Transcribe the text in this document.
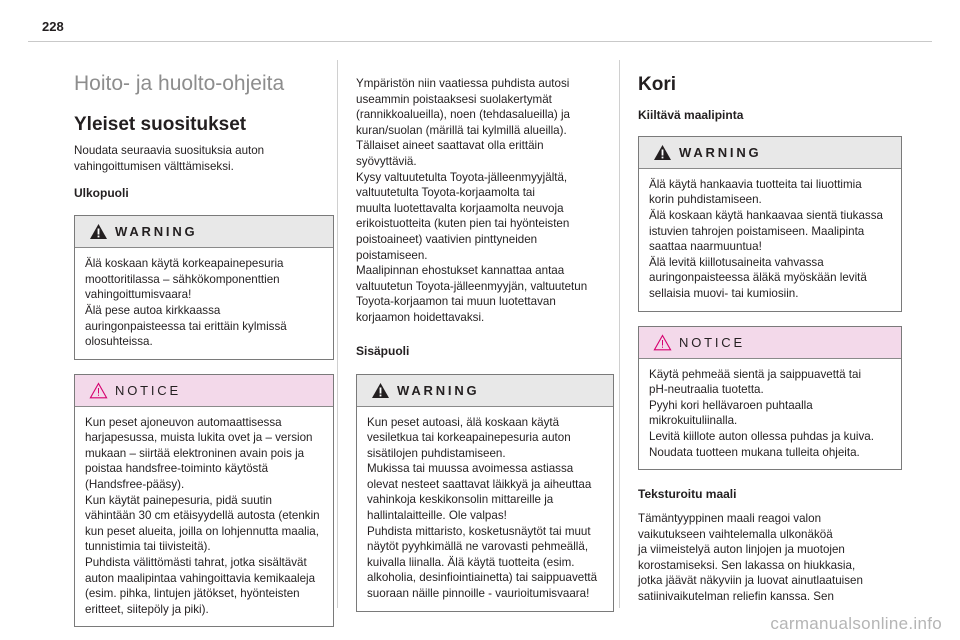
228
Hoito- ja huolto-ohjeita
Yleiset suositukset

Noudata seuraavia suosituksia auton
vahingoittumisen välttämiseksi.

Ulkopuoli
WARNING

Älä koskaan käytä korkeapainepesuria
moottoritilassa – sähkökomponenttien
vahingoittumisvaara!
Älä pese autoa kirkkaassa
auringonpaisteessa tai erittäin kylmissä
olosuhteissa.

NOTICE

Kun peset ajoneuvon automaattisessa
harjapesussa, muista lukita ovet ja – version
mukaan – siirtää elektroninen avain pois ja
poistaa handsfree-toiminto käytöstä
(Handsfree-pääsy).
Kun käytät painepesuria, pidä suutin
vähintään 30 cm etäisyydellä autosta (etenkin
kun peset alueita, joilla on lohjennutta maalia,
tunnistimia tai tiivisteitä).
Puhdista välittömästi tahrat, jotka sisältävät
auton maalipintaa vahingoittavia kemikaaleja
(esim. pihka, lintujen jätökset, hyönteisten
eritteet, siitepöly ja piki).

Ympäristön niin vaatiessa puhdista autosi
useammin poistaaksesi suolakertymät
(rannikkoalueilla), noen (tehdasalueilla) ja
kuran/suolan (märillä tai kylmillä alueilla).
Tällaiset aineet saattavat olla erittäin
syövyttäviä.
Kysy valtuutetulta Toyota-jälleenmyyjältä,
valtuutetulta Toyota-korjaamolta tai
muulta luotettavalta korjaamolta neuvoja
erikoistuotteita (kuten pien tai hyönteisten
poistoaineet) vaativien pinttyneiden
poistamiseen.
Maalipinnan ehostukset kannattaa antaa
valtuutetun Toyota-jälleenmyyjän, valtuutetun
Toyota-korjaamon tai muun luotettavan
korjaamon hoidettavaksi.

Sisäpuoli
WARNING

Kun peset autoasi, älä koskaan käytä
vesiletkua tai korkeapainepesuria auton
sisätilojen puhdistamiseen.
Mukissa tai muussa avoimessa astiassa
olevat nesteet saattavat läikkyä ja aiheuttaa
vahinkoja keskikonsolin mittareille ja
hallintalaitteille. Ole valpas!
Puhdista mittaristo, kosketusnäytöt tai muut
näytöt pyyhkimällä ne varovasti pehmeällä,
kuivalla liinalla. Älä käytä tuotteita (esim.
alkoholia, desinfiointiainetta) tai saippuavettä
suoraan näille pinnoille - vaurioitumisvaara!

Kori
Kiiltävä maalipinta
WARNING

Älä käytä hankaavia tuotteita tai liuottimia
korin puhdistamiseen.
Älä koskaan käytä hankaavaa sientä tiukassa
istuvien tahrojen poistamiseen. Maalipinta
saattaa naarmuuntua!
Älä levitä kiillotusaineita vahvassa
auringonpaisteessa äläkä myöskään levitä
sellaisia muovi- tai kumiosiin.

NOTICE

Käytä pehmeää sientä ja saippuavettä tai
pH-neutraalia tuotetta.
Pyyhi kori hellävaroen puhtaalla
mikrokuituliinalla.
Levitä kiillote auton ollessa puhdas ja kuiva.
Noudata tuotteen mukana tulleita ohjeita.

Teksturoitu maali

Tämäntyyppinen maali reagoi valon
vaikutukseen vaihtelemalla ulkonäköä
ja viimeistelyä auton linjojen ja muotojen
korostamiseksi. Sen lakassa on hiukkasia,
jotka jäävät näkyviin ja luovat ainutlaatuisen
satiinivaikutelman reliefin kanssa. Sen

carmanualsonline.info
